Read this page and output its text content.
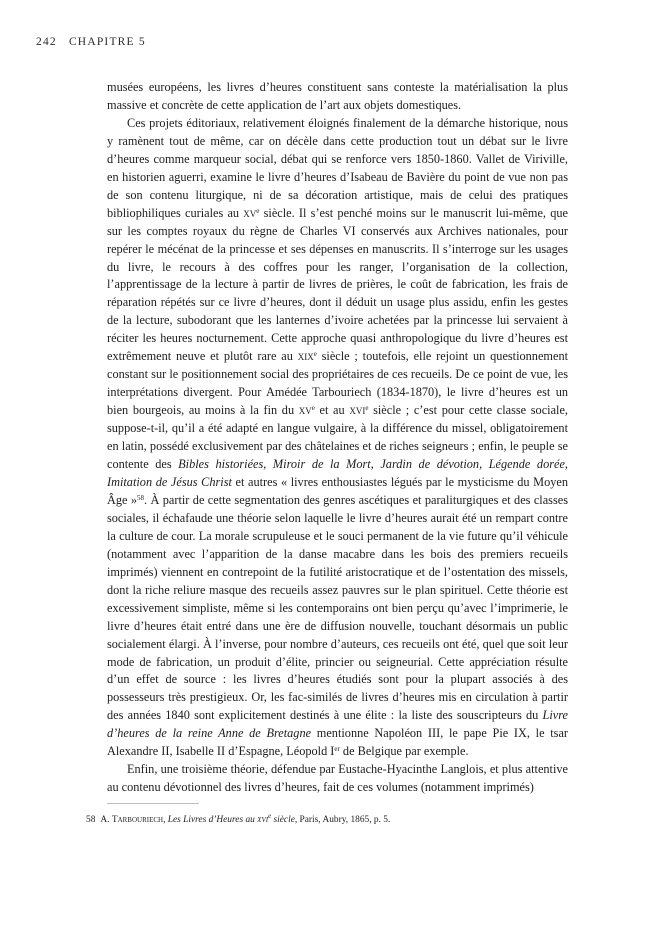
242 CHAPITRE 5

musées européens, les livres d’heures constituent sans conteste la matérialisation la plus massive et concrète de cette application de l’art aux objets domestiques.

Ces projets éditoriaux, relativement éloignés finalement de la démarche historique, nous y ramènent tout de même, car on décèle dans cette production tout un débat sur le livre d’heures comme marqueur social, débat qui se renforce vers 1850-1860. Vallet de Viriville, en historien aguerri, examine le livre d’heures d’Isabeau de Bavière du point de vue non pas de son contenu liturgique, ni de sa décoration artistique, mais de celui des pratiques bibliophiliques curiales au $xv^e$ siècle. Il s’est penché moins sur le manuscrit lui-même, que sur les comptes royaux du règne de Charles VI conservés aux Archives nationales, pour repérer le mécénat de la princesse et ses dépenses en manuscrits. Il s’interroge sur les usages du livre, le recours à des coffres pour les ranger, l’organisation de la collection, l’apprentissage de la lecture à partir de livres de prières, le coût de fabrication, les frais de réparation répétés sur ce livre d’heures, dont il déduit un usage plus assidu, enfin les gestes de la lecture, subodorant que les lanternes d’ivoire achetées par la princesse lui servaient à réciter les heures nocturnement. Cette approche quasi anthropologique du livre d’heures est extrêmement neuve et plutôt rare au xix$^e$ siècle ; toutefois, elle rejoint un questionnement constant sur le positionnement social des propriétaires de ces recueils. De ce point de vue, les interprétations divergent. Pour Amédée Tarbouriech (1834-1870), le livre d’heures est un bien bourgeois, au moins à la fin du $xv^e$ et au xvi$^e$ siècle ; c’est pour cette classe sociale, suppose-t-il, qu’il a été adapté en langue vulgaire, à la différence du missel, obligatoirement en latin, possédé exclusivement par des châtelaines et de riches seigneurs ; enfin, le peuple se contente des Bibles historiées, Miroir de la Mort, Jardin de dévotion, Légende dorée, Imitation de Jésus Christ et autres « livres enthousiastes légués par le mysticisme du Moyen Âge »$^{58}$. À partir de cette segmentation des genres ascétiques et paraliturgiques et des classes sociales, il échafaude une théorie selon laquelle le livre d’heures aurait été un rempart contre la culture de cour. La morale scrupuleuse et le souci permanent de la vie future qu’il véhicule (notamment avec l’apparition de la danse macabre dans les bois des premiers recueils imprimés) viennent en contrepoint de la futilité aristocratique et de l’ostentation des missels, dont la riche reliure masque des recueils assez pauvres sur le plan spirituel. Cette théorie est excessivement simpliste, même si les contemporains ont bien perçu qu’avec l’imprimerie, le livre d’heures était entré dans une ère de diffusion nouvelle, touchant désormais un public socialement élargi. À l’inverse, pour nombre d’auteurs, ces recueils ont été, quel que soit leur mode de fabrication, un produit d’élite, princier ou seigneurial. Cette appréciation résulte d’un effet de source : les livres d’heures étudiés sont pour la plupart associés à des possesseurs très prestigieux. Or, les fac-similés de livres d’heures mis en circulation à partir des années 1840 sont explicitement destinés à une élite : la liste des souscripteurs du Livre d’heures de la reine Anne de Bretagne mentionne Napoléon III, le pape Pie IX, le tsar Alexandre II, Isabelle II d’Espagne, Léopold Ier de Belgique par exemple.

Enfin, une troisième théorie, défendue par Eustache-Hyacinthe Langlois, et plus attentive au contenu dévotionnel des livres d’heures, fait de ces volumes (notamment imprimés)

58 A. Tarbouriech, Les Livres d’Heures au xvi$^e$ siècle, Paris, Aubry, 1865, p. 5.
